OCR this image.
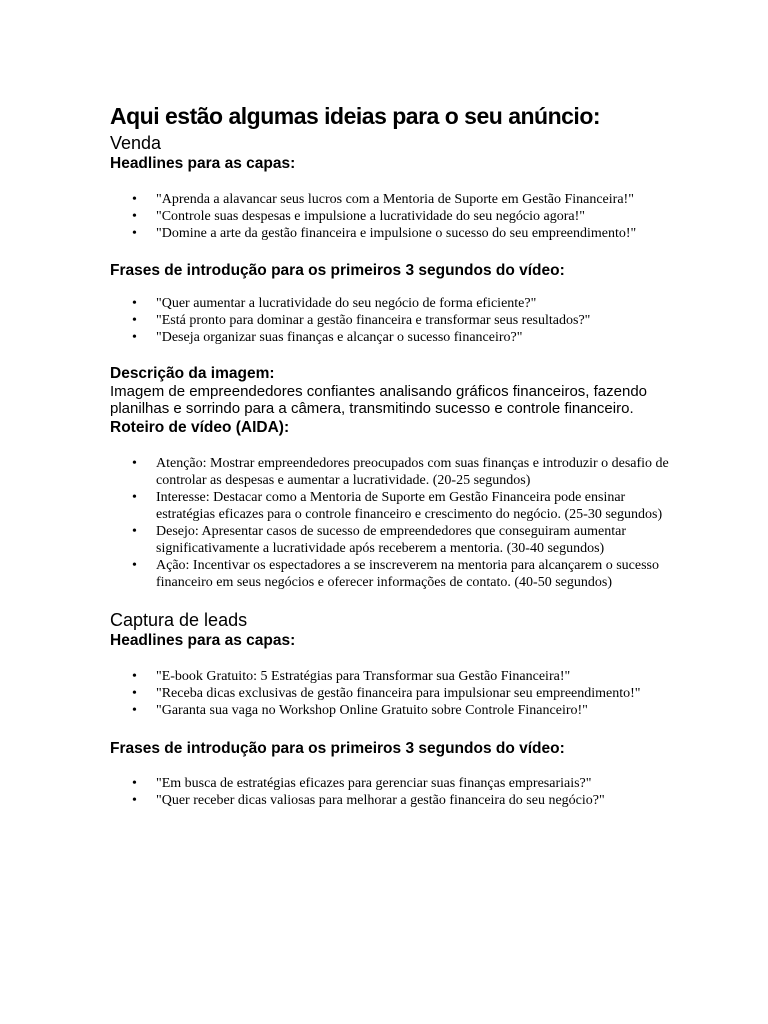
Aqui estão algumas ideias para o seu anúncio:
Venda
Headlines para as capas:
• "Aprenda a alavancar seus lucros com a Mentoria de Suporte em Gestão Financeira!"
• "Controle suas despesas e impulsione a lucratividade do seu negócio agora!"
• "Domine a arte da gestão financeira e impulsione o sucesso do seu empreendimento!"
Frases de introdução para os primeiros 3 segundos do vídeo:
• "Quer aumentar a lucratividade do seu negócio de forma eficiente?"
• "Está pronto para dominar a gestão financeira e transformar seus resultados?"
• "Deseja organizar suas finanças e alcançar o sucesso financeiro?"
Descrição da imagem:

Imagem de empreendedores confiantes analisando gráficos financeiros, fazendo planilhas e sorrindo para a câmera, transmitindo sucesso e controle financeiro.

Roteiro de vídeo (AIDA):
• Atenção: Mostrar empreendedores preocupados com suas finanças e introduzir o desafio de controlar as despesas e aumentar a lucratividade. (20-25 segundos)
• Interesse: Destacar como a Mentoria de Suporte em Gestão Financeira pode ensinar estratégias eficazes para o controle financeiro e crescimento do negócio. (25-30 segundos)
• Desejo: Apresentar casos de sucesso de empreendedores que conseguiram aumentar significativamente a lucratividade após receberem a mentoria. (30-40 segundos)
• Ação: Incentivar os espectadores a se inscreverem na mentoria para alcançarem o sucesso financeiro em seus negócios e oferecer informações de contato. (40-50 segundos)
Captura de leads
Headlines para as capas:
• "E-book Gratuito: 5 Estratégias para Transformar sua Gestão Financeira!"
• "Receba dicas exclusivas de gestão financeira para impulsionar seu empreendimento!"
• "Garanta sua vaga no Workshop Online Gratuito sobre Controle Financeiro!"
Frases de introdução para os primeiros 3 segundos do vídeo:
• "Em busca de estratégias eficazes para gerenciar suas finanças empresariais?"
• "Quer receber dicas valiosas para melhorar a gestão financeira do seu negócio?"
